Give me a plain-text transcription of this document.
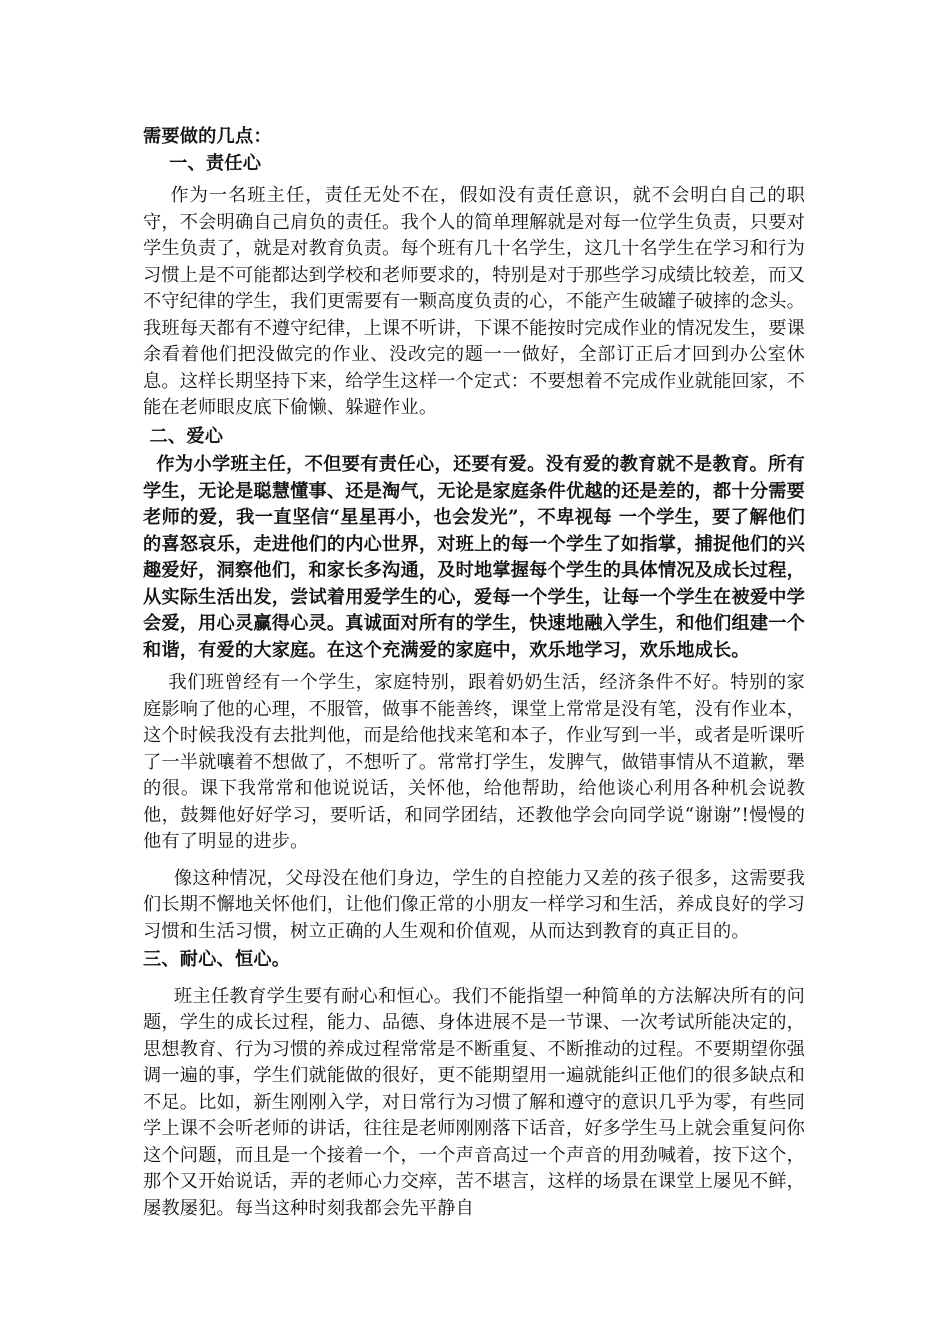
需要做的几点：

一、责任心

作为一名班主任，责任无处不在，假如没有责任意识，就不会明白自己的职守，不会明确自己肩负的责任。我个人的简单理解就是对每一位学生负责，只要对学生负责了，就是对教育负责。每个班有几十名学生，这几十名学生在学习和行为习惯上是不可能都达到学校和老师要求的，特别是对于那些学习成绩比较差，而又不守纪律的学生，我们更需要有一颗高度负责的心，不能产生破罐子破摔的念头。我班每天都有不遵守纪律，上课不听讲，下课不能按时完成作业的情况发生，要课余看着他们把没做完的作业、没改完的题一一做好，全部订正后才回到办公室休息。这样长期坚持下来，给学生这样一个定式：不要想着不完成作业就能回家，不能在老师眼皮底下偷懒、躲避作业。

二、爱心

作为小学班主任，不但要有责任心，还要有爱。没有爱的教育就不是教育。所有学生，无论是聪慧懂事、还是淘气，无论是家庭条件优越的还是差的，都十分需要老师的爱，我一直坚信“星星再小，也会发光”，不卑视每 一个学生，要了解他们的喜怒哀乐，走进他们的内心世界，对班上的每一个学生了如指掌，捕捉他们的兴趣爱好，洞察他们，和家长多沟通，及时地掌握每个学生的具体情况及成长过程，从实际生活出发，尝试着用爱学生的心，爱每一个学生，让每一个学生在被爱中学会爱，用心灵赢得心灵。真诚面对所有的学生，快速地融入学生，和他们组建一个和谐，有爱的大家庭。在这个充满爱的家庭中，欢乐地学习，欢乐地成长。

我们班曾经有一个学生，家庭特别，跟着奶奶生活，经济条件不好。特别的家庭影响了他的心理，不服管，做事不能善终，课堂上常常是没有笔，没有作业本，这个时候我没有去批判他，而是给他找来笔和本子，作业写到一半，或者是听课听了一半就嚷着不想做了，不想听了。常常打学生，发脾气，做错事情从不道歉，犟的很。课下我常常和他说说话，关怀他，给他帮助，给他谈心利用各种机会说教他，鼓舞他好好学习，要听话，和同学团结，还教他学会向同学说“谢谢”!慢慢的他有了明显的进步。

像这种情况，父母没在他们身边，学生的自控能力又差的孩子很多，这需要我们长期不懈地关怀他们，让他们像正常的小朋友一样学习和生活，养成良好的学习习惯和生活习惯，树立正确的人生观和价值观，从而达到教育的真正目的。

三、耐心、恒心。

班主任教育学生要有耐心和恒心。我们不能指望一种简单的方法解决所有的问题，学生的成长过程，能力、品德、身体进展不是一节课、一次考试所能决定的，思想教育、行为习惯的养成过程常常是不断重复、不断推动的过程。不要期望你强调一遍的事，学生们就能做的很好，更不能期望用一遍就能纠正他们的很多缺点和不足。比如，新生刚刚入学，对日常行为习惯了解和遵守的意识几乎为零，有些同学上课不会听老师的讲话，往往是老师刚刚落下话音，好多学生马上就会重复问你这个问题，而且是一个接着一个，一个声音高过一个声音的用劲喊着，按下这个，那个又开始说话，弄的老师心力交瘁，苦不堪言，这样的场景在课堂上屡见不鲜，屡教屡犯。每当这种时刻我都会先平静自
